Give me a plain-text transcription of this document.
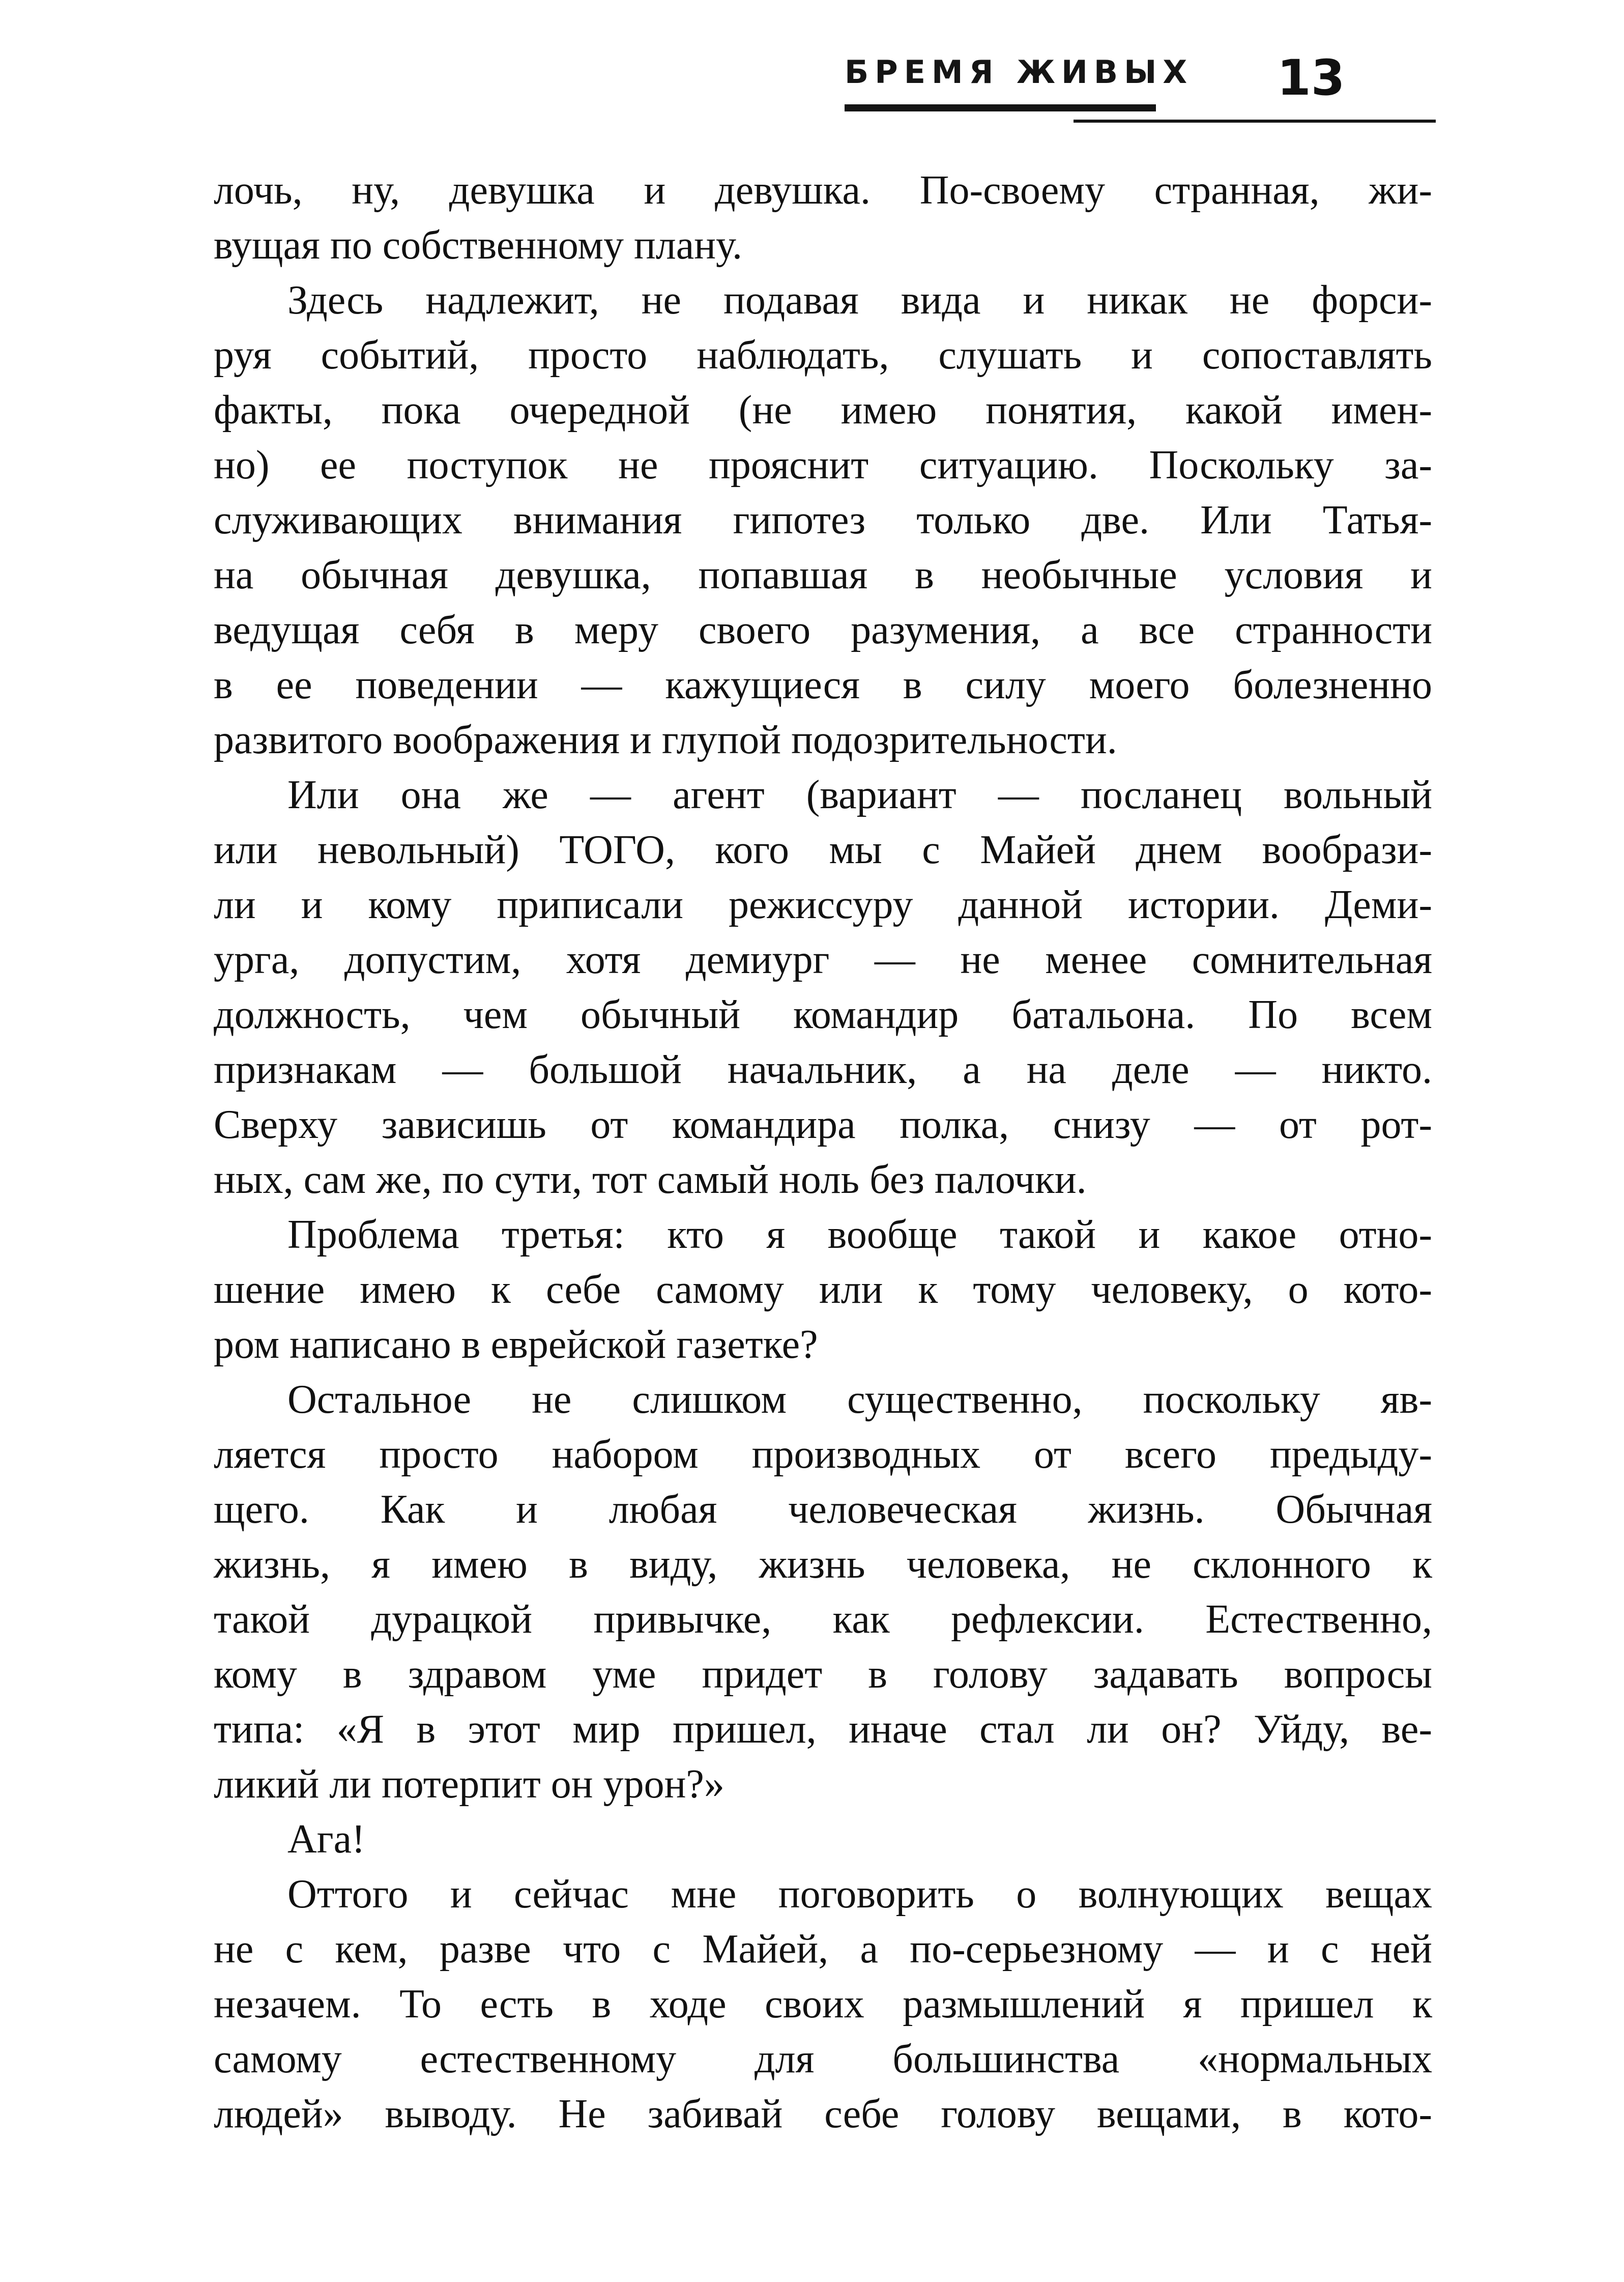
БРЕМЯ ЖИВЫХ 13
лочь, ну, девушка и девушка. По-своему странная, жи-
вущая по собственному плану.
Здесь надлежит, не подавая вида и никак не форси-
руя событий, просто наблюдать, слушать и сопоставлять
факты, пока очередной (не имею понятия, какой имен-
но) ее поступок не прояснит ситуацию. Поскольку за-
служивающих внимания гипотез только две. Или Татья-
на обычная девушка, попавшая в необычные условия и
ведущая себя в меру своего разумения, а все странности
в ее поведении — кажущиеся в силу моего болезненно
развитого воображения и глупой подозрительности.
Или она же — агент (вариант — посланец вольный
или невольный) ТОГО, кого мы с Майей днем вообрази-
ли и кому приписали режиссуру данной истории. Деми-
урга, допустим, хотя демиург — не менее сомнительная
должность, чем обычный командир батальона. По всем
признакам — большой начальник, а на деле — никто.
Сверху зависишь от командира полка, снизу — от рот-
ных, сам же, по сути, тот самый ноль без палочки.
Проблема третья: кто я вообще такой и какое отно-
шение имею к себе самому или к тому человеку, о кото-
ром написано в еврейской газетке?
Остальное не слишком существенно, поскольку яв-
ляется просто набором производных от всего предыду-
щего. Как и любая человеческая жизнь. Обычная
жизнь, я имею в виду, жизнь человека, не склонного к
такой дурацкой привычке, как рефлексии. Естественно,
кому в здравом уме придет в голову задавать вопросы
типа: «Я в этот мир пришел, иначе стал ли он? Уйду, ве-
ликий ли потерпит он урон?»
Ага!
Оттого и сейчас мне поговорить о волнующих вещах
не с кем, разве что с Майей, а по-серьезному — и с ней
незачем. То есть в ходе своих размышлений я пришел к
самому естественному для большинства «нормальных
людей» выводу. Не забивай себе голову вещами, в кото-
